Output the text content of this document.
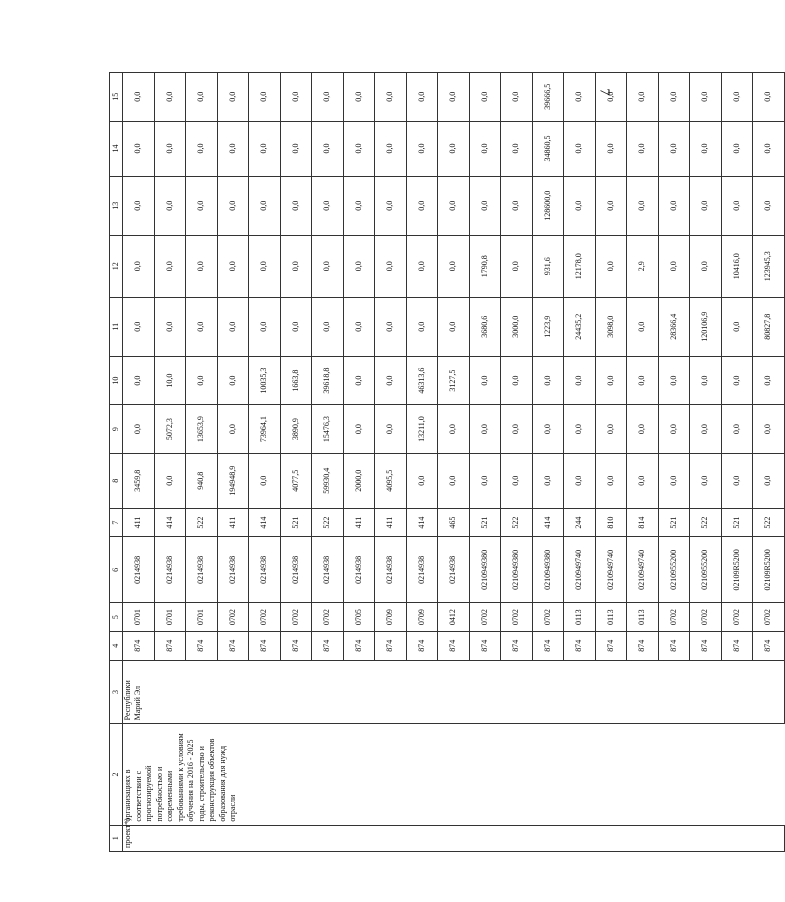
7
1	2	3	4	5	6	7	8	9	10	11	12	13	14	15
проект*)	организациях в соответствии с прогнозируемой потребностью и современными требованиями к условиям обучения на 2016 - 2025 годы, строительство и реконструкция объектов образования для нужд отрасли	Республики Марий Эл	874	0701	0214938	411	3459,8	0,0	0,0	0,0	0,0	0,0	0,0	0,0
			874	0701	0214938	414	0,0	5072,3	10,0	0,0	0,0	0,0	0,0	0,0
			874	0701	0214938	522	940,8	13653,9	0,0	0,0	0,0	0,0	0,0	0,0
			874	0702	0214938	411	194948,9	0,0	0,0	0,0	0,0	0,0	0,0	0,0
			874	0702	0214938	414	0,0	73964,1	10035,3	0,0	0,0	0,0	0,0	0,0
			874	0702	0214938	521	4077,5	3890,9	1663,8	0,0	0,0	0,0	0,0	0,0
			874	0702	0214938	522	59930,4	15476,3	39618,8	0,0	0,0	0,0	0,0	0,0
			874	0705	0214938	411	2000,0	0,0	0,0	0,0	0,0	0,0	0,0	0,0
			874	0709	0214938	411	4095,5	0,0	0,0	0,0	0,0	0,0	0,0	0,0
			874	0709	0214938	414	0,0	13211,0	46313,6	0,0	0,0	0,0	0,0	0,0
			874	0412	0214938	465	0,0	0,0	3127,5	0,0	0,0	0,0	0,0	0,0
			874	0702	0210949380	521	0,0	0,0	0,0	3680,6	1790,8	0,0	0,0	0,0
			874	0702	0210949380	522	0,0	0,0	0,0	3000,0	0,0	0,0	0,0	0,0
			874	0702	0210949380	414	0,0	0,0	0,0	1223,9	931,6	128600,0	34860,5	39666,5
			874	0113	0210949740	244	0,0	0,0	0,0	24435,2	12178,0	0,0	0,0	0,0
			874	0113	0210949740	810	0,0	0,0	0,0	3098,0	0,0	0,0	0,0	0,0
			874	0113	0210949740	814	0,0	0,0	0,0	0,0	2,9	0,0	0,0	0,0
			874	0702	0210955200	521	0,0	0,0	0,0	28366,4	0,0	0,0	0,0	0,0
			874	0702	0210955200	522	0,0	0,0	0,0	120106,9	0,0	0,0	0,0	0,0
			874	0702	02109R5200	521	0,0	0,0	0,0	0,0	10416,0	0,0	0,0	0,0
			874	0702	02109R5200	522	0,0	0,0	0,0	80827,8	123945,3	0,0	0,0	0,0
